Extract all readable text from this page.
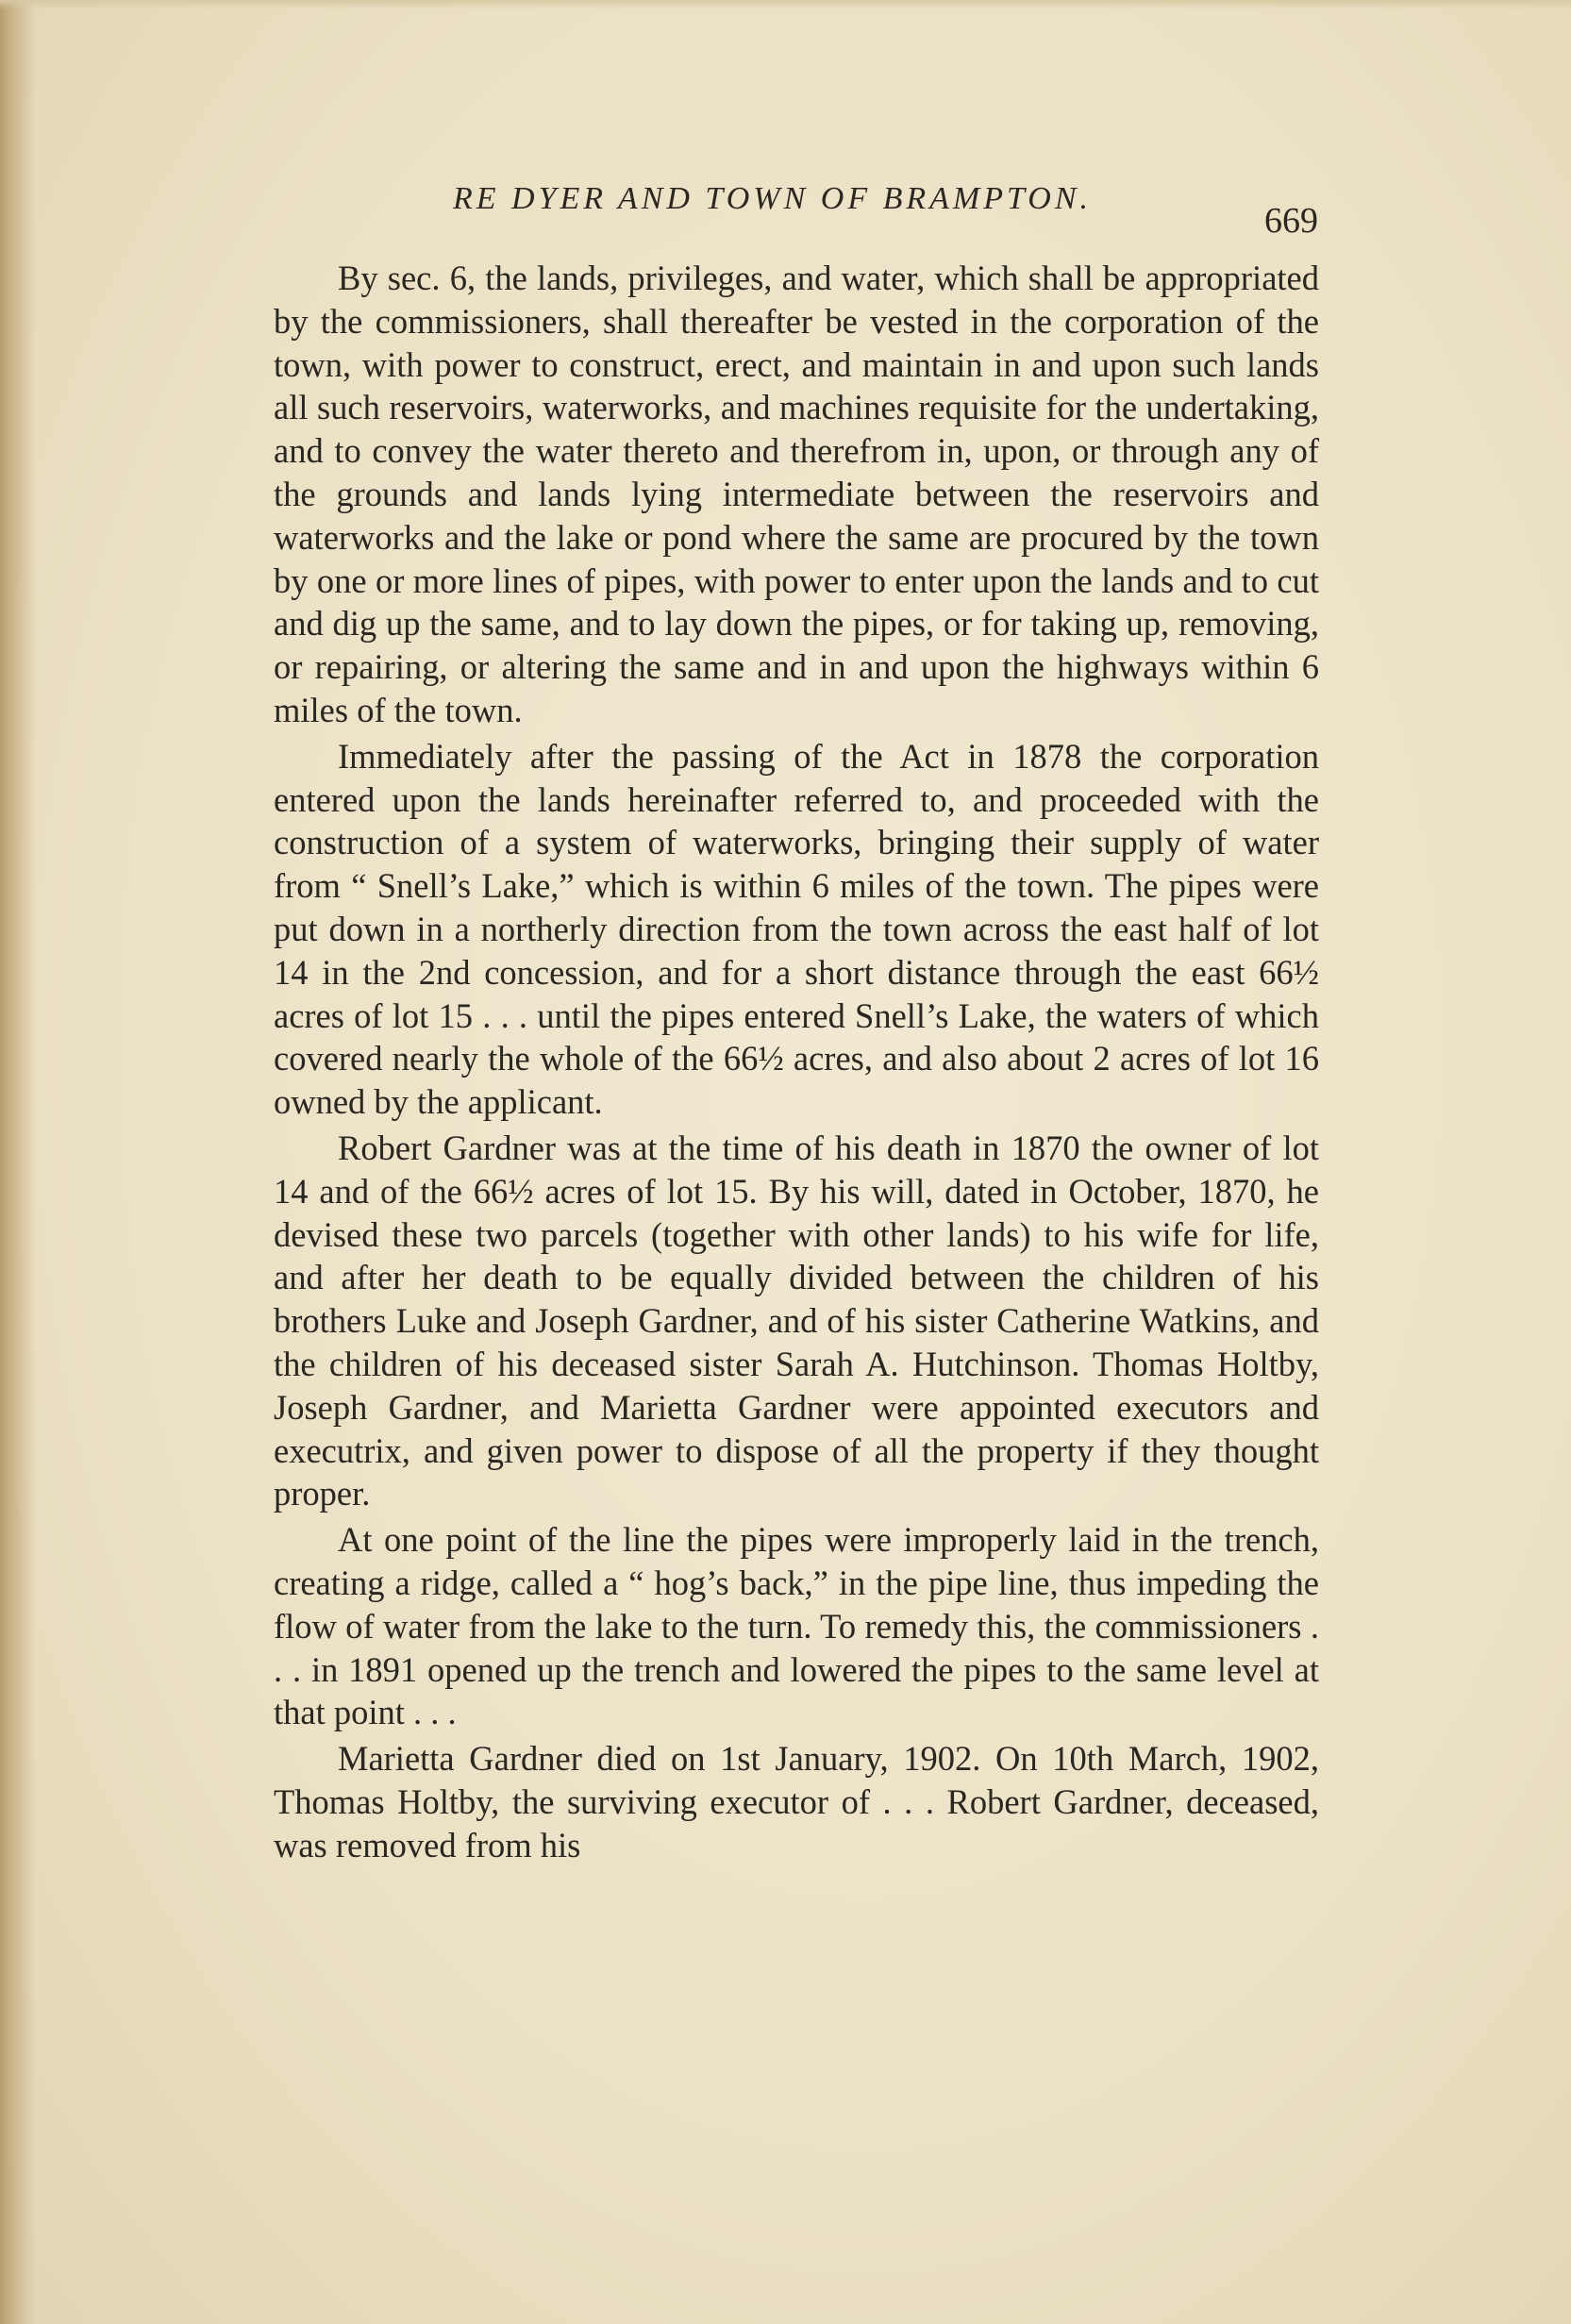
RE DYER AND TOWN OF BRAMPTON.
669

By sec. 6, the lands, privileges, and water, which shall be appropriated by the commissioners, shall thereafter be vested in the corporation of the town, with power to construct, erect, and maintain in and upon such lands all such reservoirs, waterworks, and machines requisite for the undertaking, and to convey the water thereto and therefrom in, upon, or through any of the grounds and lands lying intermediate between the reservoirs and waterworks and the lake or pond where the same are procured by the town by one or more lines of pipes, with power to enter upon the lands and to cut and dig up the same, and to lay down the pipes, or for taking up, removing, or repairing, or altering the same and in and upon the highways within 6 miles of the town.

Immediately after the passing of the Act in 1878 the corporation entered upon the lands hereinafter referred to, and proceeded with the construction of a system of waterworks, bringing their supply of water from “ Snell’s Lake,” which is within 6 miles of the town. The pipes were put down in a northerly direction from the town across the east half of lot 14 in the 2nd concession, and for a short distance through the east 66½ acres of lot 15 . . . until the pipes entered Snell’s Lake, the waters of which covered nearly the whole of the 66½ acres, and also about 2 acres of lot 16 owned by the applicant.

Robert Gardner was at the time of his death in 1870 the owner of lot 14 and of the 66½ acres of lot 15. By his will, dated in October, 1870, he devised these two parcels (together with other lands) to his wife for life, and after her death to be equally divided between the children of his brothers Luke and Joseph Gardner, and of his sister Catherine Watkins, and the children of his deceased sister Sarah A. Hutchinson. Thomas Holtby, Joseph Gardner, and Marietta Gardner were appointed executors and executrix, and given power to dispose of all the property if they thought proper.

At one point of the line the pipes were improperly laid in the trench, creating a ridge, called a “ hog’s back,” in the pipe line, thus impeding the flow of water from the lake to the turn. To remedy this, the commissioners . . . in 1891 opened up the trench and lowered the pipes to the same level at that point . . .

Marietta Gardner died on 1st January, 1902. On 10th March, 1902, Thomas Holtby, the surviving executor of . . . Robert Gardner, deceased, was removed from his
